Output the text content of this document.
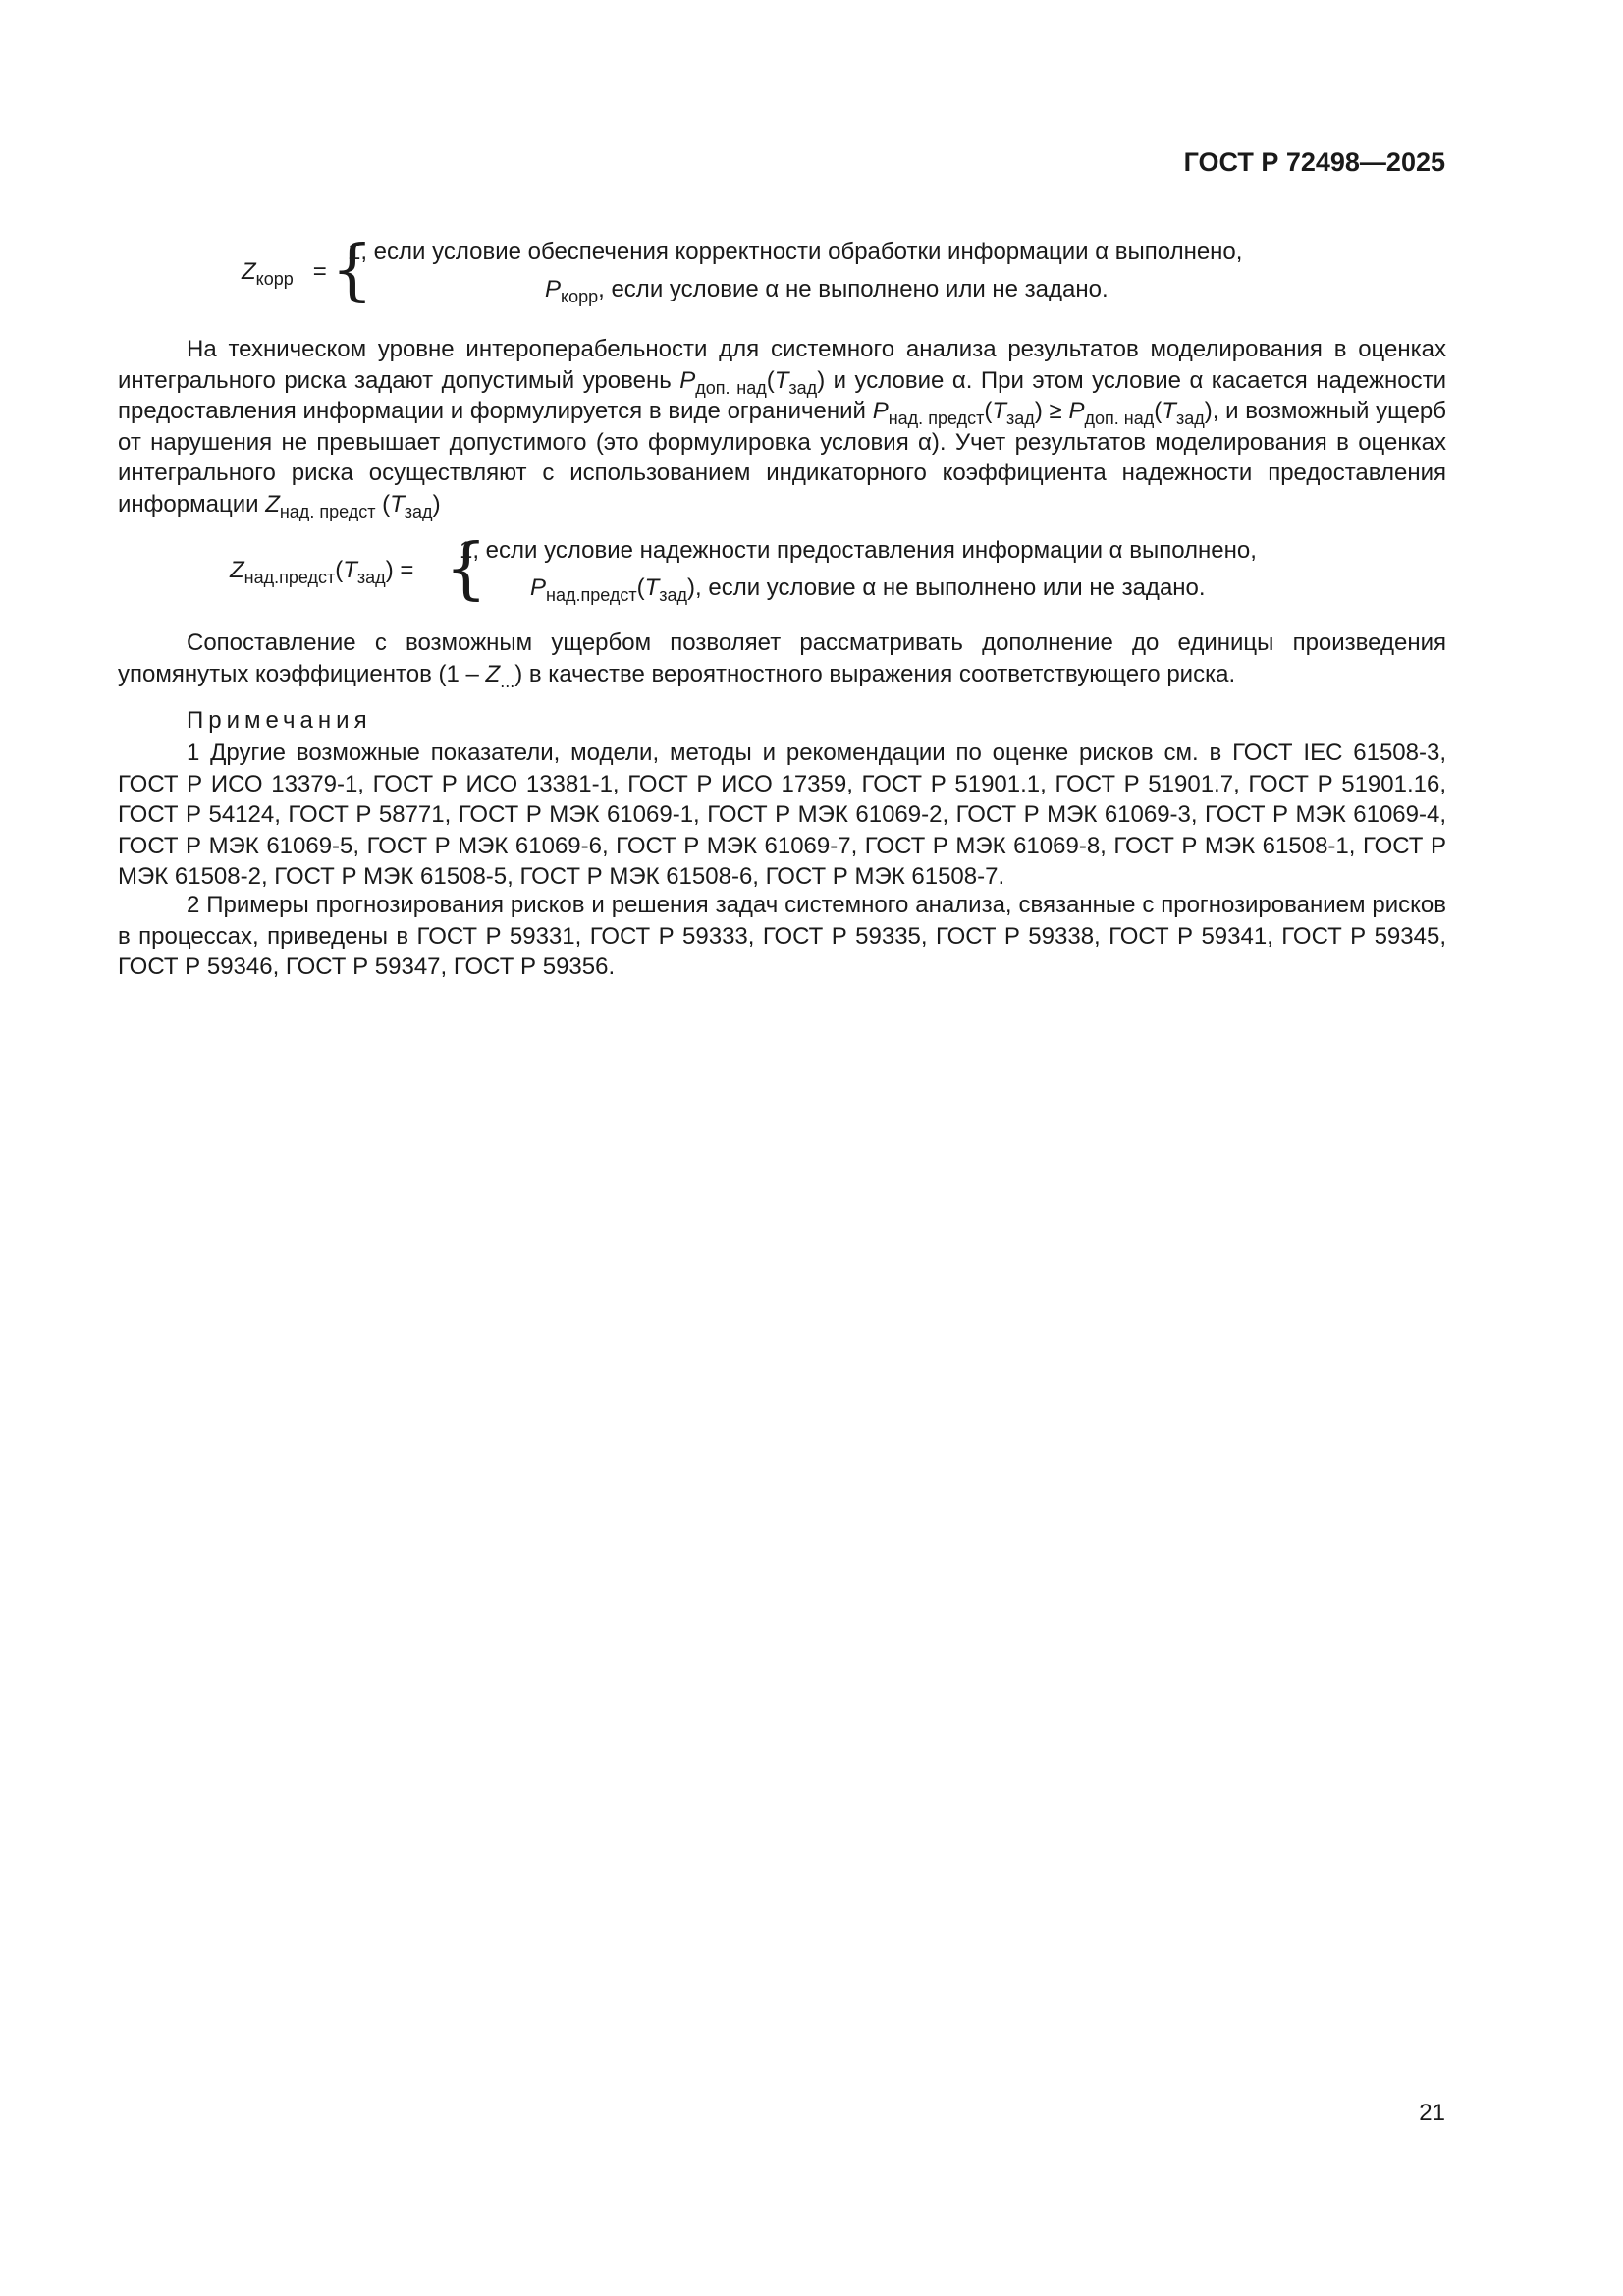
ГОСТ Р 72498—2025
$Z_{корр}$ = {
1, если условие обеспечения корректности обработки информации α выполнено,
$P_{корр}$, если условие α не выполнено или не задано.
На техническом уровне интероперабельности для системного анализа результатов моделирования в оценках интегрального риска задают допустимый уровень $P_{доп. над}(T_{зад})$ и условие α. При этом условие α касается надежности предоставления информации и формулируется в виде ограничений $P_{над. предст}(T_{зад}) \ge P_{доп. над}(T_{зад})$, и возможный ущерб от нарушения не превышает допустимого (это формулировка условия α). Учет результатов моделирования в оценках интегрального риска осуществляют с использованием индикаторного коэффициента надежности предоставления информации $Z_{над. предст}$ $(T_{зад})$
$Z_{над.предст}(T_{зад})$ = {
1, если условие надежности предоставления информации α выполнено,
$P_{над.предст}(T_{зад})$, если условие α не выполнено или не задано.
Сопоставление с возможным ущербом позволяет рассматривать дополнение до единицы произведения упомянутых коэффициентов $(1 - Z_{...})$ в качестве вероятностного выражения соответствующего риска.
Примечания
1 Другие возможные показатели, модели, методы и рекомендации по оценке рисков см. в ГОСТ IEC 61508-3, ГОСТ Р ИСО 13379-1, ГОСТ Р ИСО 13381-1, ГОСТ Р ИСО 17359, ГОСТ Р 51901.1, ГОСТ Р 51901.7, ГОСТ Р 51901.16, ГОСТ Р 54124, ГОСТ Р 58771, ГОСТ Р МЭК 61069-1, ГОСТ Р МЭК 61069-2, ГОСТ Р МЭК 61069-3, ГОСТ Р МЭК 61069-4, ГОСТ Р МЭК 61069-5, ГОСТ Р МЭК 61069-6, ГОСТ Р МЭК 61069-7, ГОСТ Р МЭК 61069-8, ГОСТ Р МЭК 61508-1, ГОСТ Р МЭК 61508-2, ГОСТ Р МЭК 61508-5, ГОСТ Р МЭК 61508-6, ГОСТ Р МЭК 61508-7.
2 Примеры прогнозирования рисков и решения задач системного анализа, связанные с прогнозированием рисков в процессах, приведены в ГОСТ Р 59331, ГОСТ Р 59333, ГОСТ Р 59335, ГОСТ Р 59338, ГОСТ Р 59341, ГОСТ Р 59345, ГОСТ Р 59346, ГОСТ Р 59347, ГОСТ Р 59356.
21
